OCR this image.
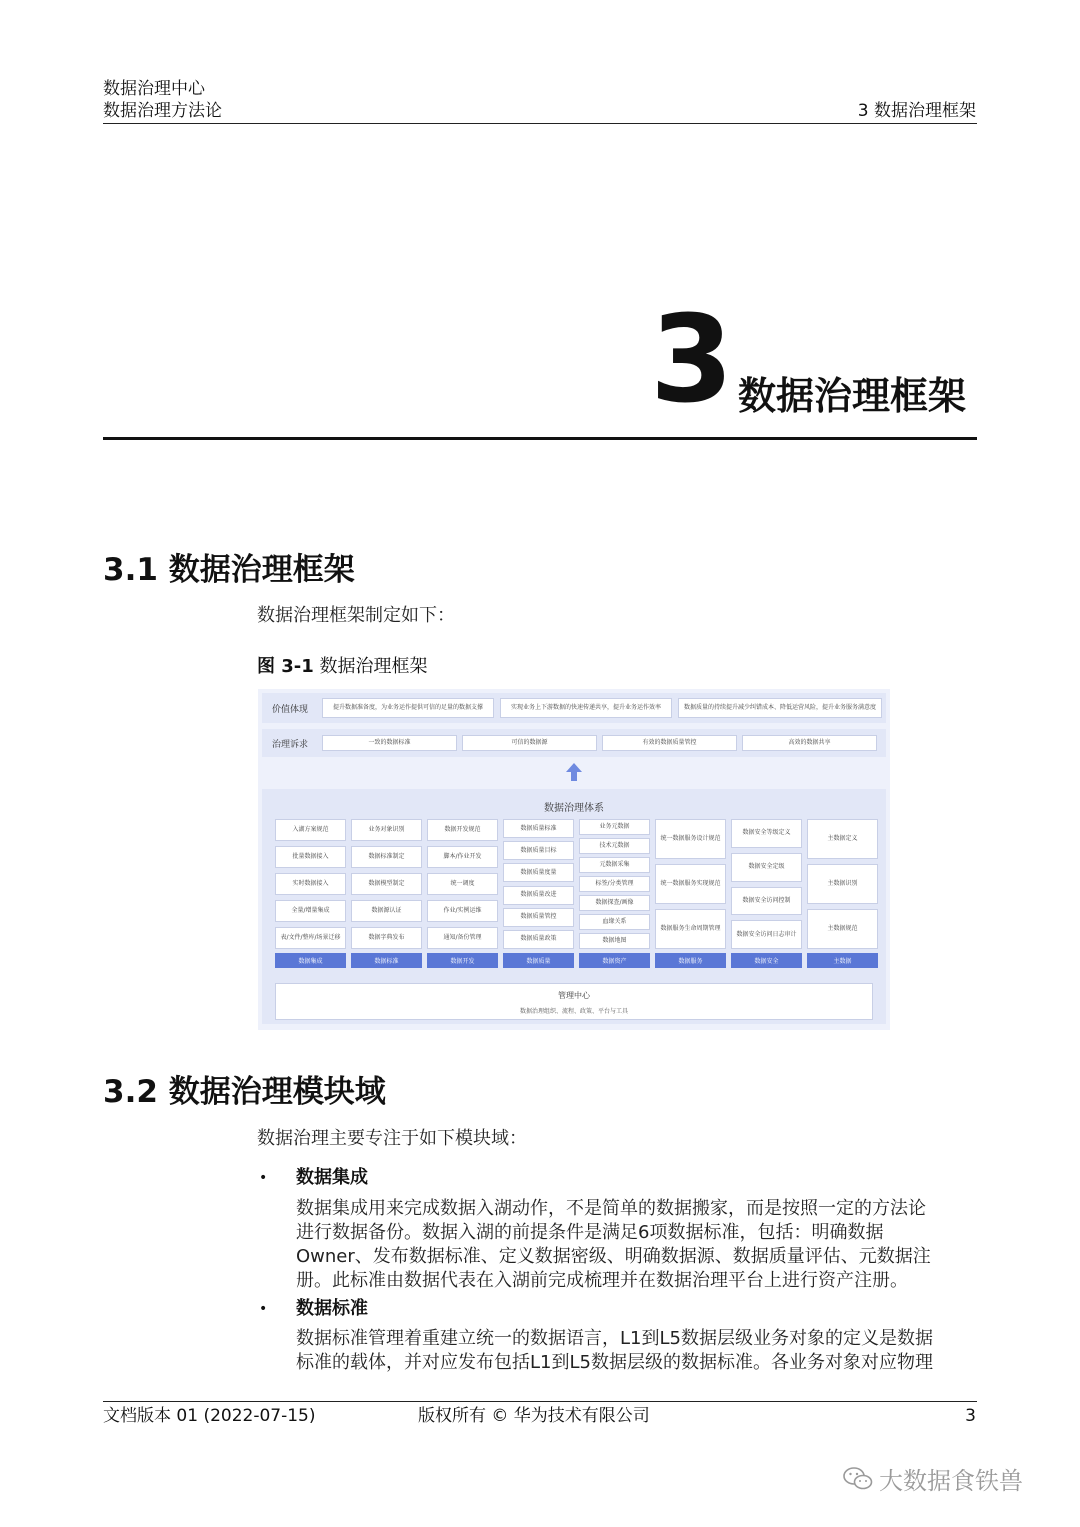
数据治理中心
数据治理方法论	3 数据治理框架
3 数据治理框架
3.1 数据治理框架
数据治理框架制定如下：
图 3-1 数据治理框架
价值体现	提升数据准备度，为业务运作提供可信的足量的数据支撑	实现业务上下游数据的快速传递共享，提升业务运作效率	数据质量的持续提升减少纠错成本、降低运营风险，提升业务服务满意度
治理诉求	一致的数据标准	可信的数据源	有效的数据质量管控	高效的数据共享
数据治理体系
入湖方案规范
批量数据接入
实时数据接入
全量/增量集成
表/文件/整库/场景迁移
数据集成
业务对象识别
数据标准制定
数据模型制定
数据源认证
数据字典发布
数据标准
数据开发规范
脚本/作业开发
统一调度
作业/实例运维
通知/备份管理
数据开发
数据质量标准
数据质量目标
数据质量度量
数据质量改进
数据质量管控
数据质量政策
数据质量
业务元数据
技术元数据
元数据采集
标签/分类管理
数据探查/画像
血缘关系
数据地图
数据资产
统一数据服务设计规范
统一数据服务实现规范
数据服务生命周期管理
数据服务
数据安全等级定义
数据安全定级
数据安全访问控制
数据安全访问日志审计
数据安全
主数据定义
主数据识别
主数据规范
主数据
管理中心
数据治理组织、流程、政策、平台与工具
3.2 数据治理模块域
数据治理主要专注于如下模块域：
• 数据集成
数据集成用来完成数据入湖动作，不是简单的数据搬家，而是按照一定的方法论
进行数据备份。数据入湖的前提条件是满足6项数据标准，包括：明确数据
Owner、发布数据标准、定义数据密级、明确数据源、数据质量评估、元数据注
册。此标准由数据代表在入湖前完成梳理并在数据治理平台上进行资产注册。
• 数据标准
数据标准管理着重建立统一的数据语言，L1到L5数据层级业务对象的定义是数据
标准的载体，并对应发布包括L1到L5数据层级的数据标准。各业务对象对应物理
文档版本 01 (2022-07-15)	版权所有 © 华为技术有限公司	3
大数据食铁兽
